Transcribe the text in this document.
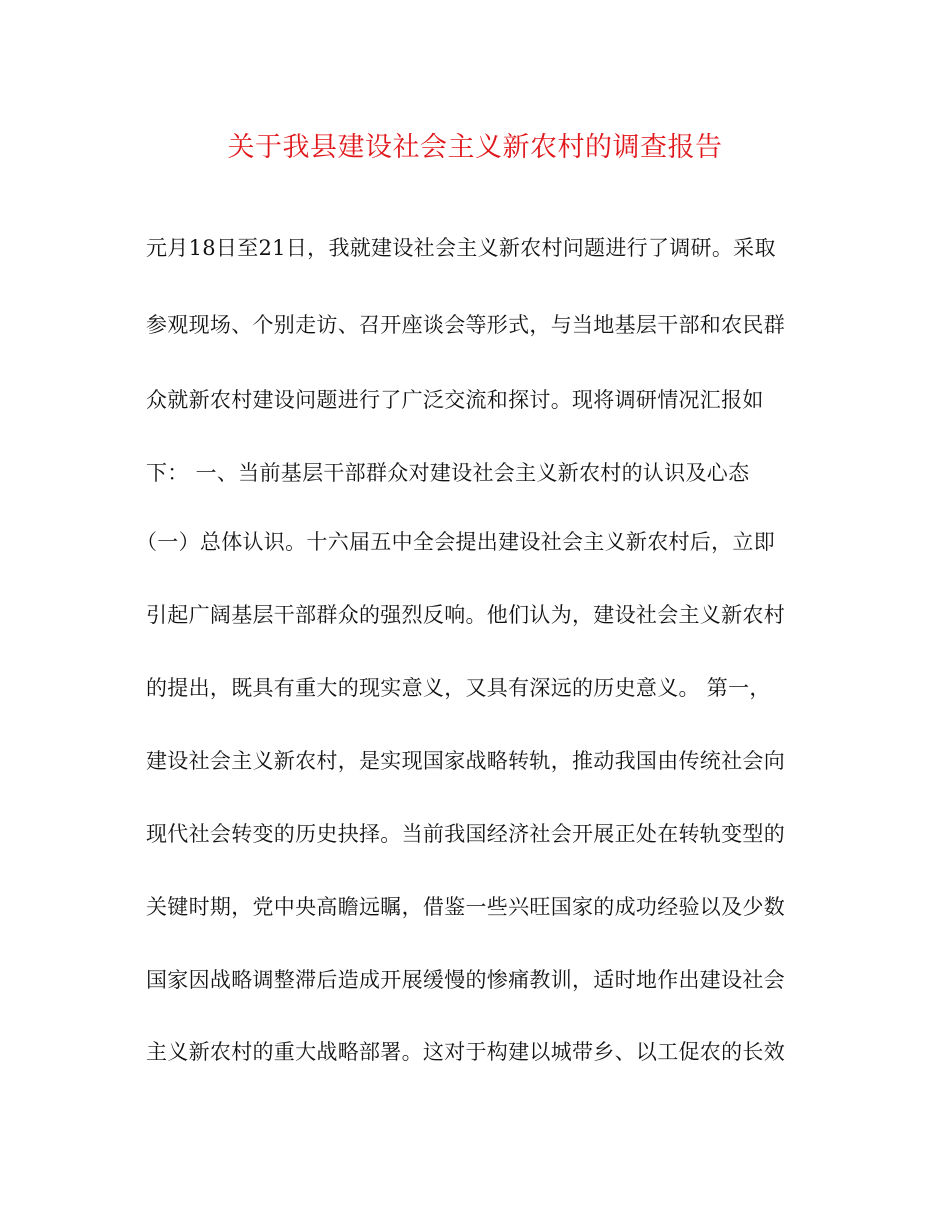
关于我县建设社会主义新农村的调查报告
元月18日至21日，我就建设社会主义新农村问题进行了调研。采取
参观现场、个别走访、召开座谈会等形式，与当地基层干部和农民群
众就新农村建设问题进行了广泛交流和探讨。现将调研情况汇报如
下： 一、当前基层干部群众对建设社会主义新农村的认识及心态
（一）总体认识。十六届五中全会提出建设社会主义新农村后，立即
引起广阔基层干部群众的强烈反响。他们认为，建设社会主义新农村
的提出，既具有重大的现实意义，又具有深远的历史意义。 第一，
建设社会主义新农村，是实现国家战略转轨，推动我国由传统社会向
现代社会转变的历史抉择。当前我国经济社会开展正处在转轨变型的
关键时期，党中央高瞻远瞩，借鉴一些兴旺国家的成功经验以及少数
国家因战略调整滞后造成开展缓慢的惨痛教训，适时地作出建设社会
主义新农村的重大战略部署。这对于构建以城带乡、以工促农的长效
